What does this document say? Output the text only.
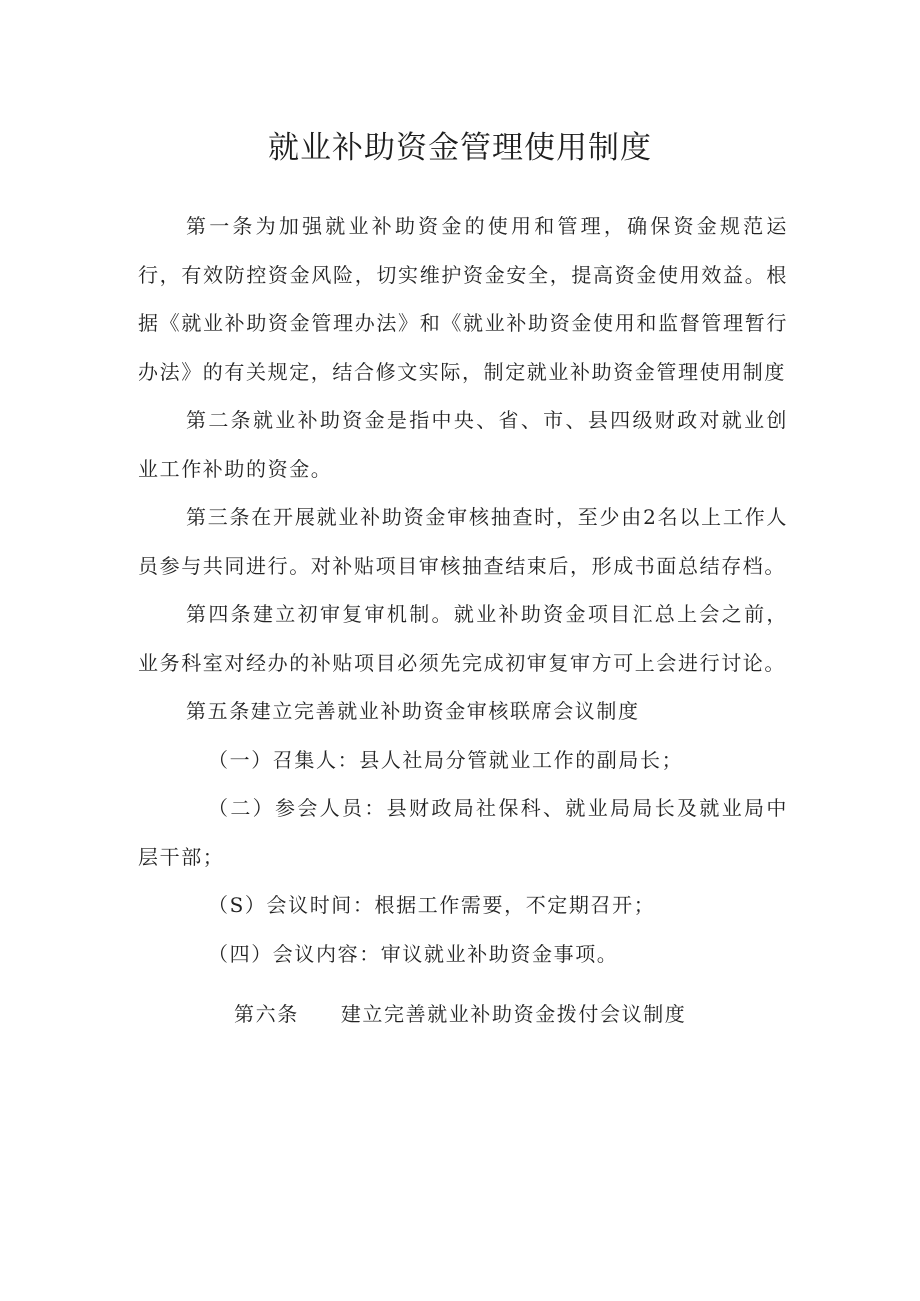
就业补助资金管理使用制度

第一条为加强就业补助资金的使用和管理，确保资金规范运行，有效防控资金风险，切实维护资金安全，提高资金使用效益。根据《就业补助资金管理办法》和《就业补助资金使用和监督管理暂行办法》的有关规定，结合修文实际，制定就业补助资金管理使用制度

第二条就业补助资金是指中央、省、市、县四级财政对就业创业工作补助的资金。

第三条在开展就业补助资金审核抽查时，至少由2名以上工作人员参与共同进行。对补贴项目审核抽查结束后，形成书面总结存档。

第四条建立初审复审机制。就业补助资金项目汇总上会之前，业务科室对经办的补贴项目必须先完成初审复审方可上会进行讨论。

第五条建立完善就业补助资金审核联席会议制度

（一）召集人：县人社局分管就业工作的副局长；

（二）参会人员：县财政局社保科、就业局局长及就业局中层干部；

（S）会议时间：根据工作需要，不定期召开；

（四）会议内容：审议就业补助资金事项。

第六条 建立完善就业补助资金拨付会议制度
